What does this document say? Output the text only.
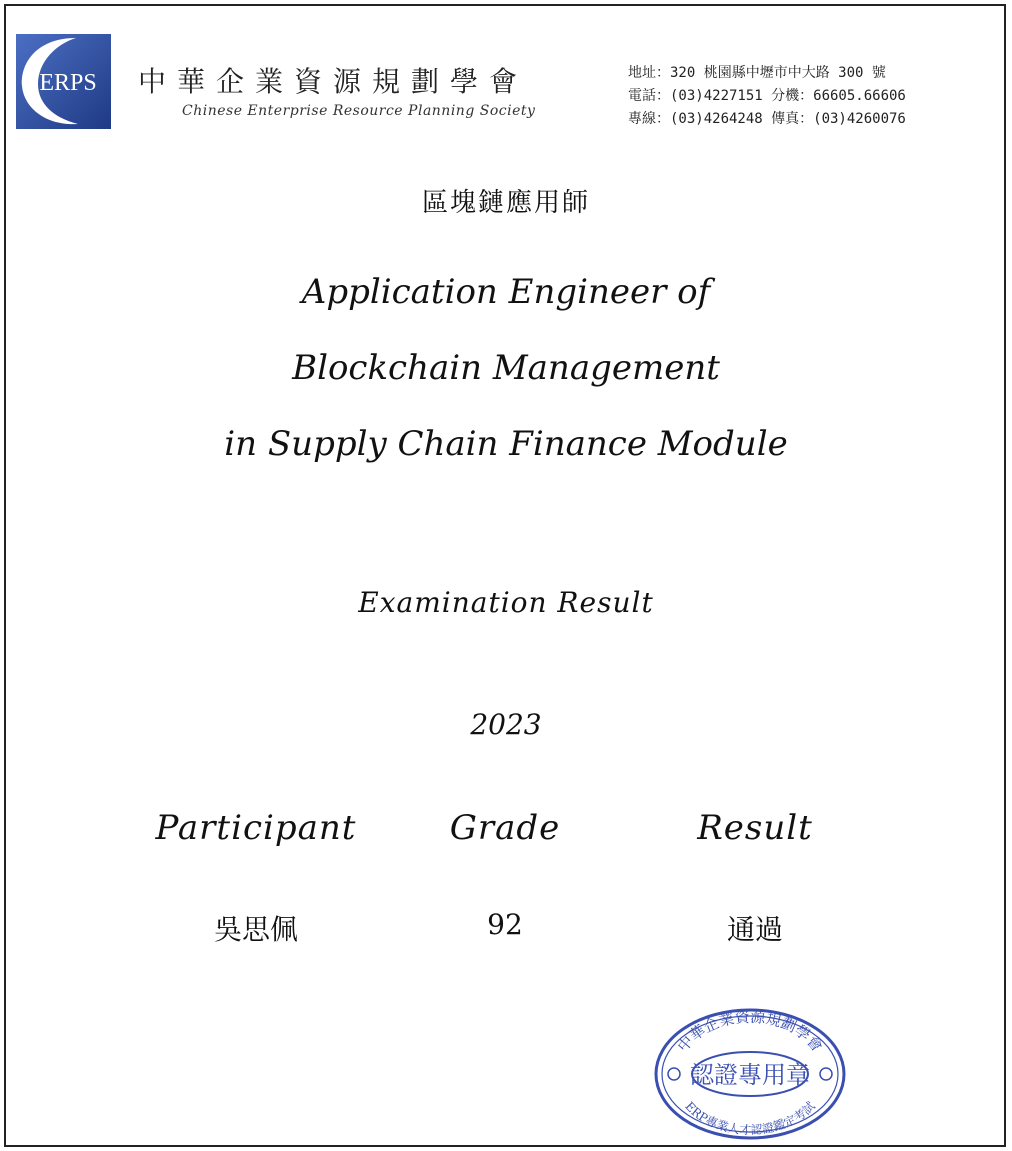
ERPS 中華企業資源規劃學會
Chinese Enterprise Resource Planning Society
地址：320 桃園縣中壢市中大路 300 號
電話：(03)4227151 分機：66605.66606
專線：(03)4264248 傳真：(03)4260076
區塊鏈應用師
Application Engineer of
Blockchain Management
in Supply Chain Finance Module
Examination Result
2023
Participant	Grade	Result
吳思佩	92	通過
中華企業資源規劃學會
認證專用章
ERP專業人才認證鑑定考試
